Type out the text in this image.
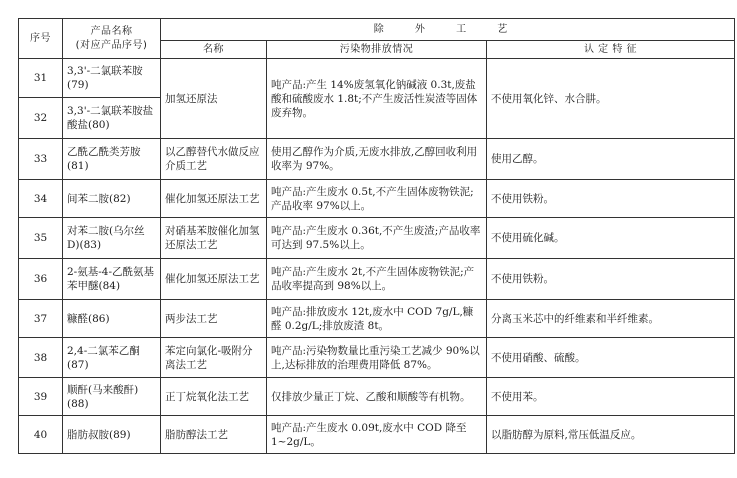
序号	产品名称
(对应产品序号)	除 外 工 艺		
		名称	污染物排放情况	认 定 特 征
31	3,3'-二氯联苯胺(79)	加氢还原法	吨产品:产生 14%废氢氧化钠碱液 0.3t,废盐酸和硫酸废水 1.8t;不产生废活性炭渣等固体废弃物。	不使用氧化锌、水合肼。
32	3,3'-二氯联苯胺盐酸盐(80)			
33	乙酰乙酰类芳胺(81)	以乙醇替代水做反应介质工艺	使用乙醇作为介质,无废水排放,乙醇回收利用收率为 97%。	使用乙醇。
34	间苯二胺(82)	催化加氢还原法工艺	吨产品:产生废水 0.5t,不产生固体废物铁泥;产品收率 97%以上。	不使用铁粉。
35	对苯二胺(乌尔丝 D)(83)	对硝基苯胺催化加氢还原法工艺	吨产品:产生废水 0.36t,不产生废渣;产品收率可达到 97.5%以上。	不使用硫化碱。
36	2-氨基-4-乙酰氨基苯甲醚(84)	催化加氢还原法工艺	吨产品:产生废水 2t,不产生固体废物铁泥;产品收率提高到 98%以上。	不使用铁粉。
37	糠醛(86)	两步法工艺	吨产品:排放废水 12t,废水中 COD 7g/L,糠醛 0.2g/L;排放废渣 8t。	分离玉米芯中的纤维素和半纤维素。
38	2,4-二氯苯乙酮(87)	苯定向氯化-吸附分离法工艺	吨产品:污染物数量比重污染工艺减少 90%以上,达标排放的治理费用降低 87%。	不使用硝酸、硫酸。
39	顺酐(马来酸酐)(88)	正丁烷氧化法工艺	仅排放少量正丁烷、乙酸和顺酸等有机物。	不使用苯。
40	脂肪叔胺(89)	脂肪醇法工艺	吨产品:产生废水 0.09t,废水中 COD 降至1~2g/L。	以脂肪醇为原料,常压低温反应。
